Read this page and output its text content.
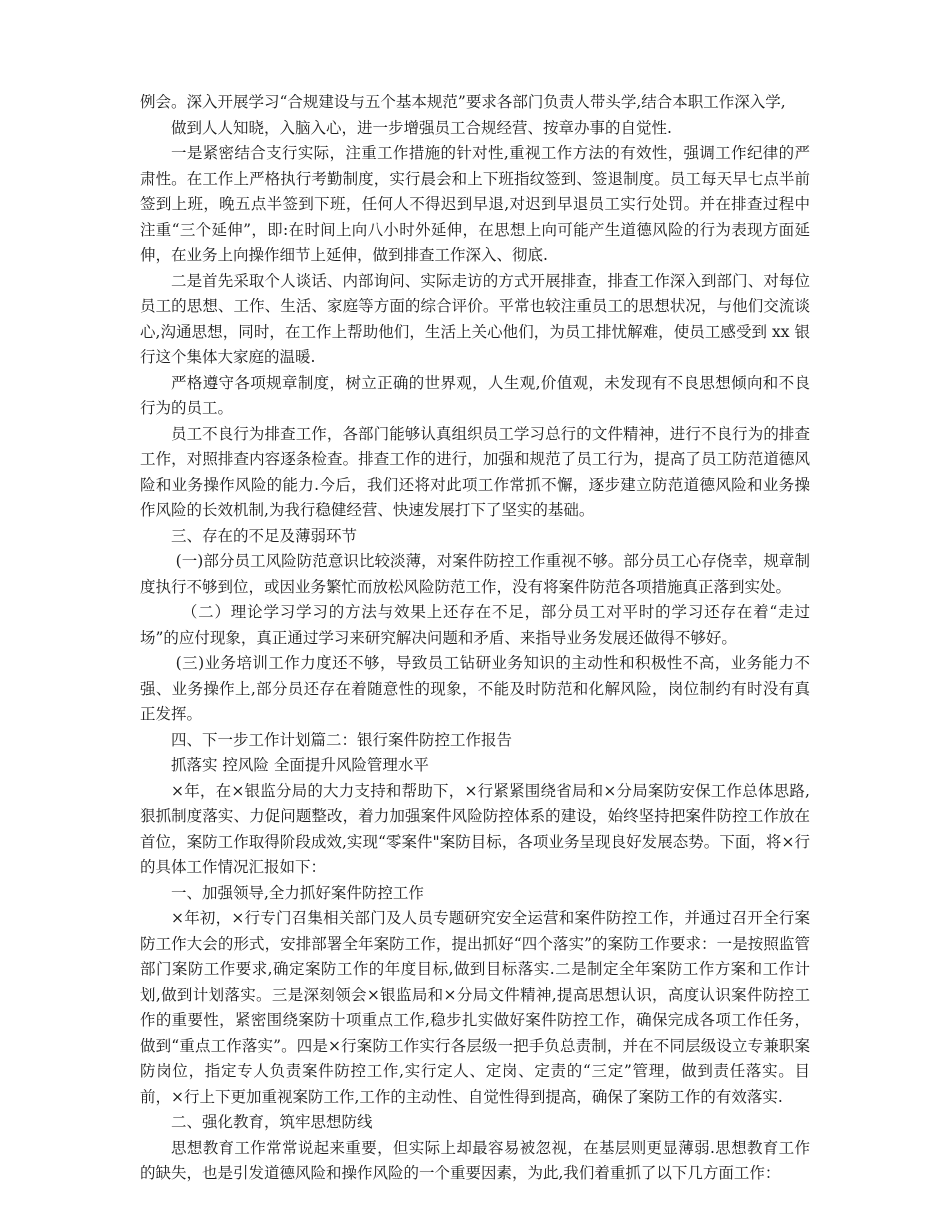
例会。深入开展学习“合规建设与五个基本规范”要求各部门负责人带头学,结合本职工作深入学,

做到人人知晓，入脑入心，进一步增强员工合规经营、按章办事的自觉性.

一是紧密结合支行实际，注重工作措施的针对性,重视工作方法的有效性，强调工作纪律的严肃性。在工作上严格执行考勤制度，实行晨会和上下班指纹签到、签退制度。员工每天早七点半前签到上班，晚五点半签到下班，任何人不得迟到早退,对迟到早退员工实行处罚。并在排查过程中注重“三个延伸”，即:在时间上向八小时外延伸，在思想上向可能产生道德风险的行为表现方面延伸，在业务上向操作细节上延伸，做到排查工作深入、彻底.

二是首先采取个人谈话、内部询问、实际走访的方式开展排查，排查工作深入到部门、对每位员工的思想、工作、生活、家庭等方面的综合评价。平常也较注重员工的思想状况，与他们交流谈心,沟通思想，同时，在工作上帮助他们，生活上关心他们，为员工排忧解难，使员工感受到 xx 银行这个集体大家庭的温暖.

严格遵守各项规章制度，树立正确的世界观，人生观,价值观，未发现有不良思想倾向和不良行为的员工。

员工不良行为排查工作，各部门能够认真组织员工学习总行的文件精神，进行不良行为的排查工作，对照排查内容逐条检查。排查工作的进行，加强和规范了员工行为，提高了员工防范道德风险和业务操作风险的能力.今后，我们还将对此项工作常抓不懈，逐步建立防范道德风险和业务操作风险的长效机制,为我行稳健经营、快速发展打下了坚实的基础。

三、存在的不足及薄弱环节

(一)部分员工风险防范意识比较淡薄，对案件防控工作重视不够。部分员工心存侥幸，规章制度执行不够到位，或因业务繁忙而放松风险防范工作，没有将案件防范各项措施真正落到实处。

（二）理论学习学习的方法与效果上还存在不足，部分员工对平时的学习还存在着“走过场”的应付现象，真正通过学习来研究解决问题和矛盾、来指导业务发展还做得不够好。

(三)业务培训工作力度还不够，导致员工钻研业务知识的主动性和积极性不高，业务能力不强、业务操作上,部分员还存在着随意性的现象，不能及时防范和化解风险，岗位制约有时没有真正发挥。

四、下一步工作计划篇二：银行案件防控工作报告

抓落实 控风险 全面提升风险管理水平

×年，在×银监分局的大力支持和帮助下，×行紧紧围绕省局和×分局案防安保工作总体思路,狠抓制度落实、力促问题整改，着力加强案件风险防控体系的建设，始终坚持把案件防控工作放在首位，案防工作取得阶段成效,实现“零案件"案防目标，各项业务呈现良好发展态势。下面，将×行的具体工作情况汇报如下：

一、加强领导,全力抓好案件防控工作

×年初，×行专门召集相关部门及人员专题研究安全运营和案件防控工作，并通过召开全行案防工作大会的形式，安排部署全年案防工作，提出抓好“四个落实”的案防工作要求：一是按照监管部门案防工作要求,确定案防工作的年度目标,做到目标落实.二是制定全年案防工作方案和工作计划,做到计划落实。三是深刻领会×银监局和×分局文件精神,提高思想认识，高度认识案件防控工作的重要性，紧密围绕案防十项重点工作,稳步扎实做好案件防控工作，确保完成各项工作任务，做到“重点工作落实”。四是×行案防工作实行各层级一把手负总责制，并在不同层级设立专兼职案防岗位，指定专人负责案件防控工作,实行定人、定岗、定责的“三定”管理，做到责任落实。目前，×行上下更加重视案防工作,工作的主动性、自觉性得到提高，确保了案防工作的有效落实.

二、强化教育，筑牢思想防线

思想教育工作常常说起来重要，但实际上却最容易被忽视，在基层则更显薄弱.思想教育工作的缺失，也是引发道德风险和操作风险的一个重要因素，为此,我们着重抓了以下几方面工作：
